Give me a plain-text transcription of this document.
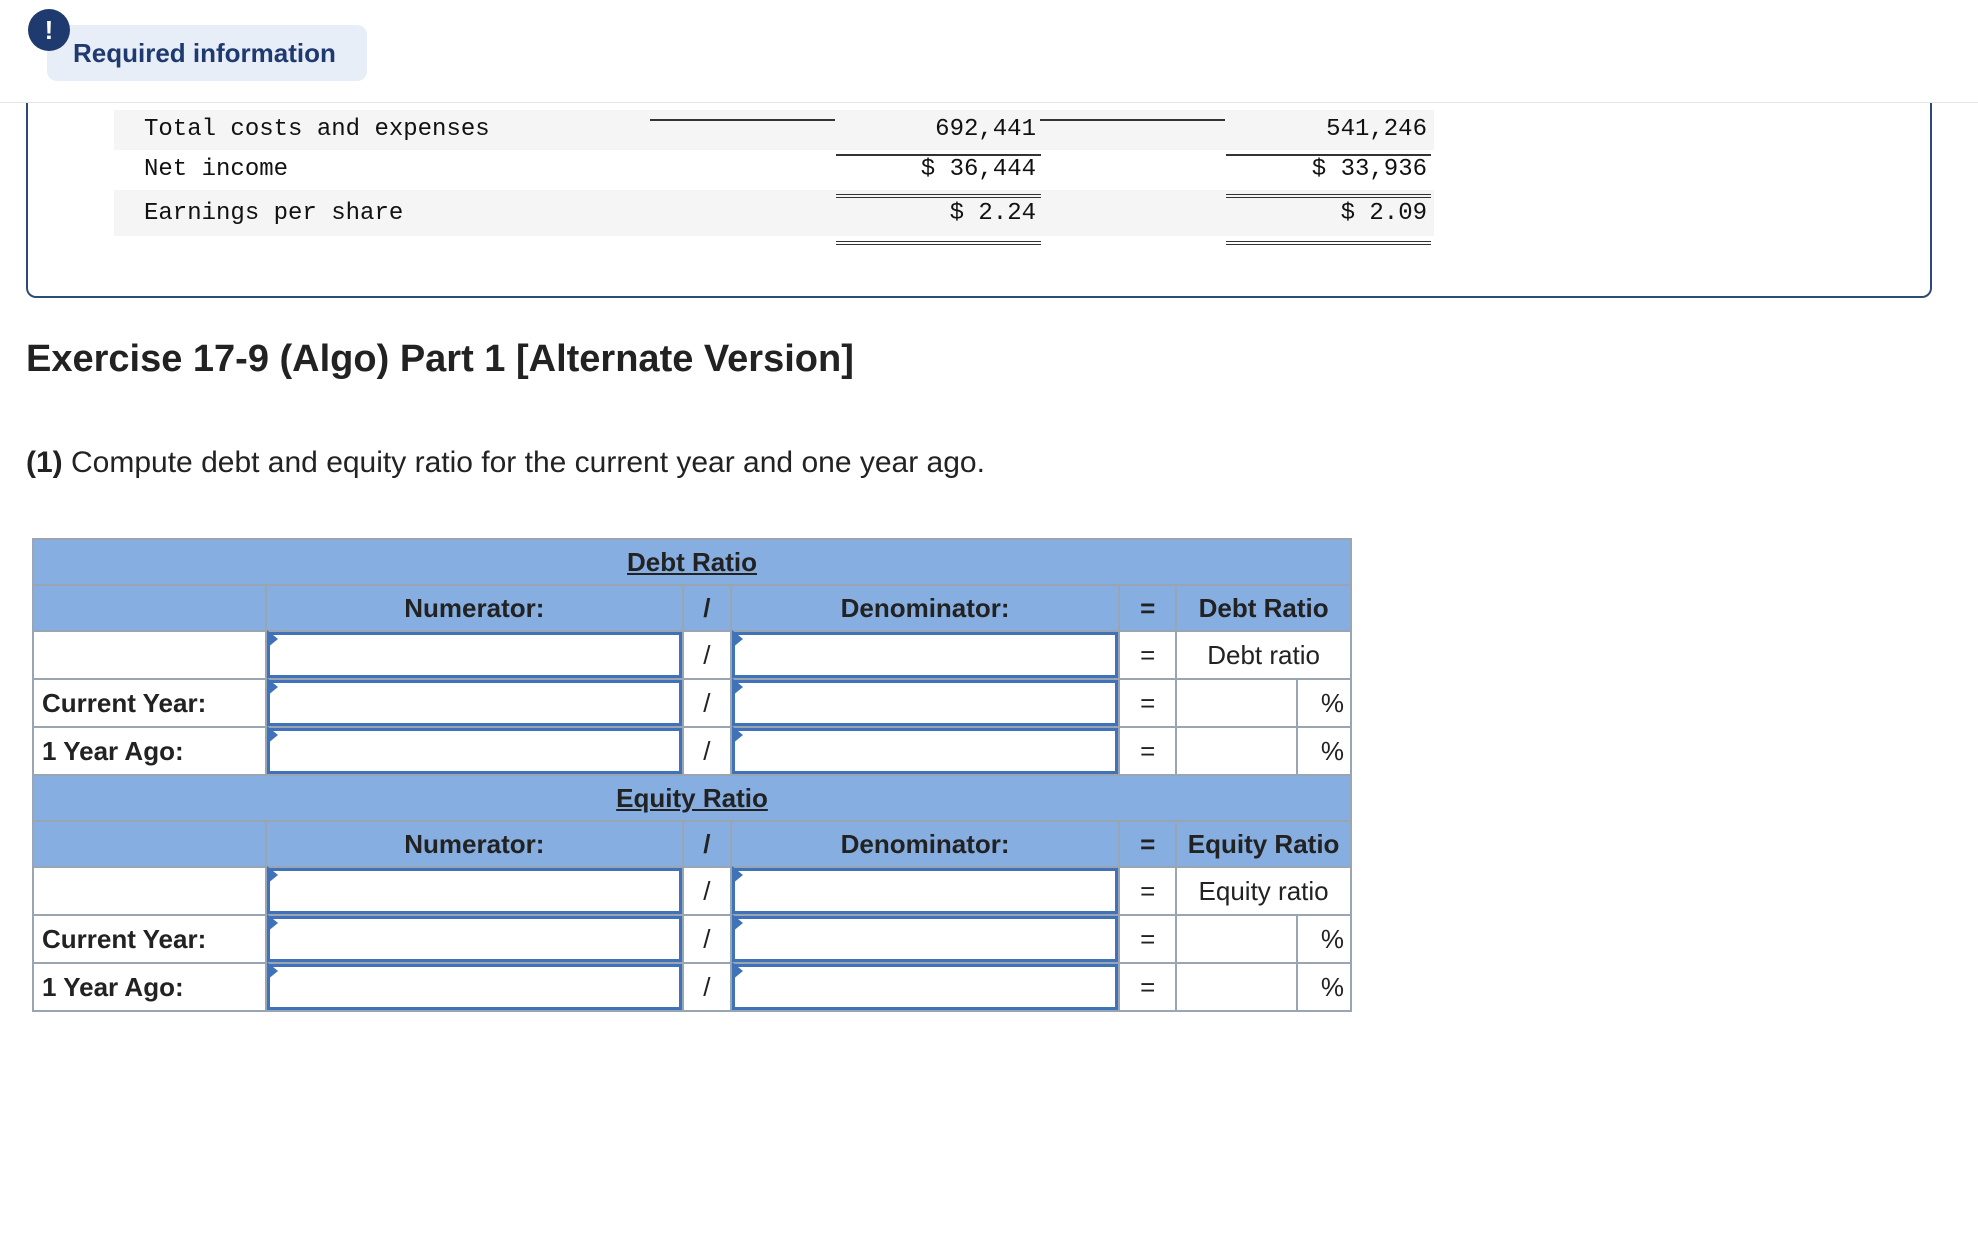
Total costs and expenses	692,441	541,246
Net income	$ 36,444	$ 33,936
Earnings per share	$ 2.24	$ 2.09
!
Required information
Exercise 17-9 (Algo) Part 1 [Alternate Version]
(1) Compute debt and equity ratio for the current year and one year ago.
Debt Ratio						
	Numerator:	/	Denominator:	=	Debt Ratio	

	/		=	Debt ratio	
Current Year:		/		=		%
1 Year Ago:		/		=		%
Equity Ratio						
	Numerator:	/	Denominator:	=	Equity Ratio	

	/		=	Equity ratio	
Current Year:		/		=		%
1 Year Ago:		/		=		%
